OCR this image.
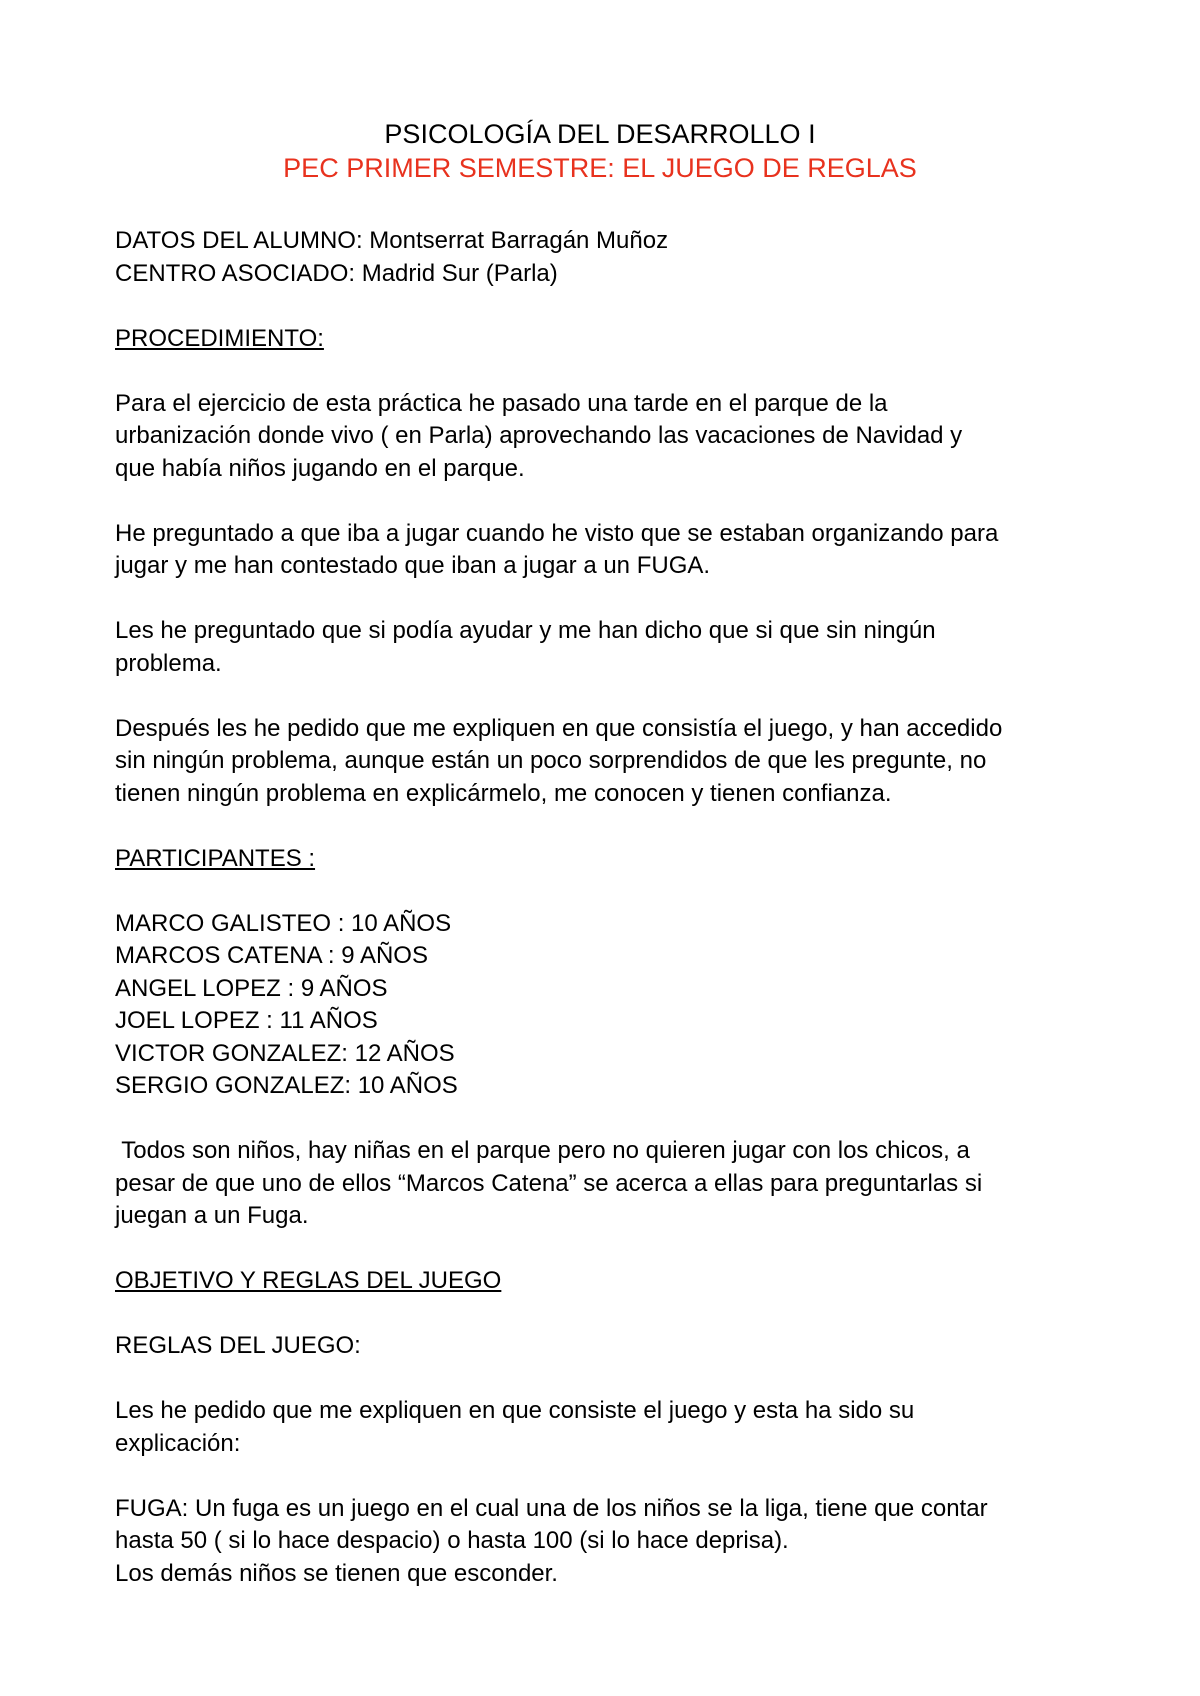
PSICOLOGÍA DEL DESARROLLO I

PEC PRIMER SEMESTRE: EL JUEGO DE REGLAS

DATOS DEL ALUMNO: Montserrat Barragán Muñoz

CENTRO ASOCIADO: Madrid Sur (Parla)

PROCEDIMIENTO:

Para el ejercicio de esta práctica he pasado una tarde en el parque de la

urbanización donde vivo ( en Parla) aprovechando las vacaciones de Navidad y

que había niños jugando en el parque.

He preguntado a que iba a jugar cuando he visto que se estaban organizando para

jugar y me han contestado que iban a jugar a un FUGA.

Les he preguntado que si podía ayudar y me han dicho que si que sin ningún

problema.

Después les he pedido que me expliquen en que consistía el juego, y han accedido

sin ningún problema, aunque están un poco sorprendidos de que les pregunte, no

tienen ningún problema en explicármelo, me conocen y tienen confianza.

PARTICIPANTES :

MARCO GALISTEO : 10 AÑOS

MARCOS CATENA : 9 AÑOS

ANGEL LOPEZ : 9 AÑOS

JOEL LOPEZ : 11 AÑOS

VICTOR GONZALEZ: 12 AÑOS

SERGIO GONZALEZ: 10 AÑOS

Todos son niños, hay niñas en el parque pero no quieren jugar con los chicos, a

pesar de que uno de ellos “Marcos Catena” se acerca a ellas para preguntarlas si

juegan a un Fuga.

OBJETIVO Y REGLAS DEL JUEGO

REGLAS DEL JUEGO:

Les he pedido que me expliquen en que consiste el juego y esta ha sido su

explicación:

FUGA: Un fuga es un juego en el cual una de los niños se la liga, tiene que contar

hasta 50 ( si lo hace despacio) o hasta 100 (si lo hace deprisa).

Los demás niños se tienen que esconder.
